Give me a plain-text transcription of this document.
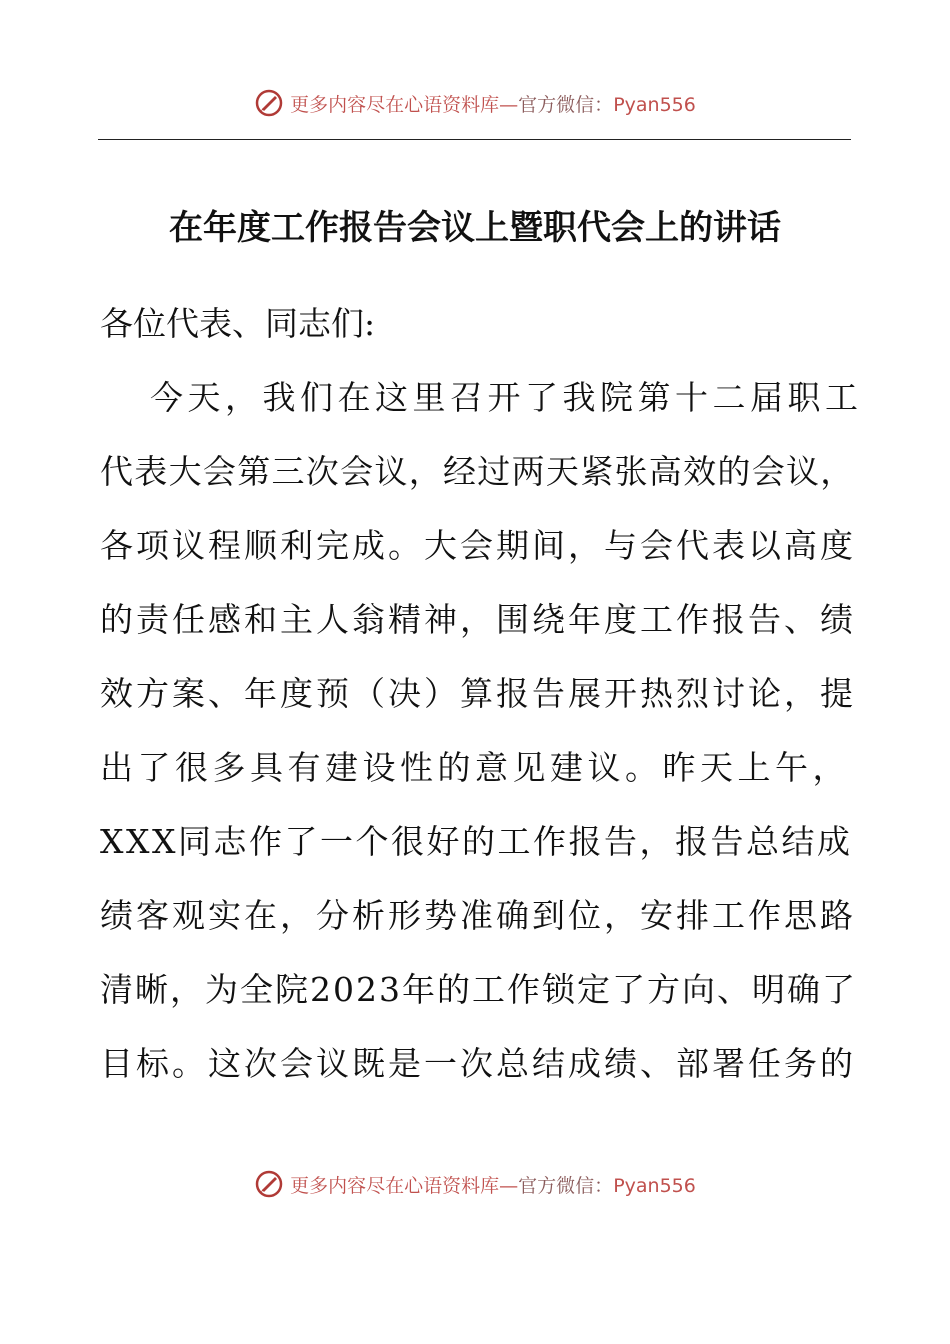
更多内容尽在心语资料库—官方微信：Pyan556
在年度工作报告会议上暨职代会上的讲话
各位代表、同志们:
今天，我们在这里召开了我院第十二届职工
代表大会第三次会议，经过两天紧张高效的会议，
各项议程顺利完成。大会期间，与会代表以高度
的责任感和主人翁精神，围绕年度工作报告、绩
效方案、年度预（决）算报告展开热烈讨论，提
出了很多具有建设性的意见建议。昨天上午，
XXX同志作了一个很好的工作报告，报告总结成
绩客观实在，分析形势准确到位，安排工作思路
清晰，为全院2023年的工作锁定了方向、明确了
目标。这次会议既是一次总结成绩、部署任务的
更多内容尽在心语资料库—官方微信：Pyan556
